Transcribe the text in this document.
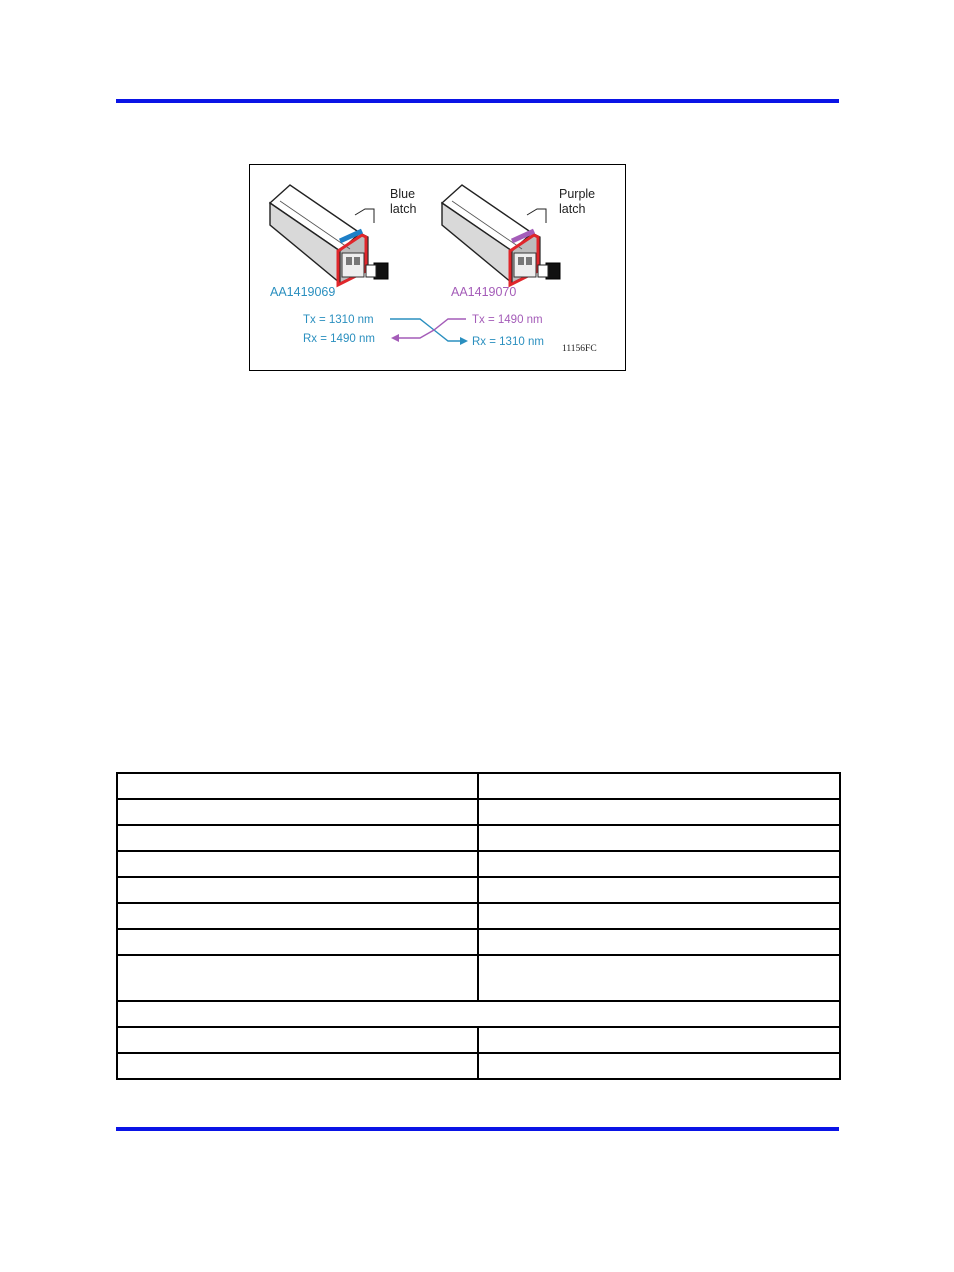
Blue
latch
Purple
latch
AA1419069	AA1419070
Tx = 1310 nm
Rx = 1490 nm
Tx = 1490 nm
Rx = 1310 nm
11156FC
